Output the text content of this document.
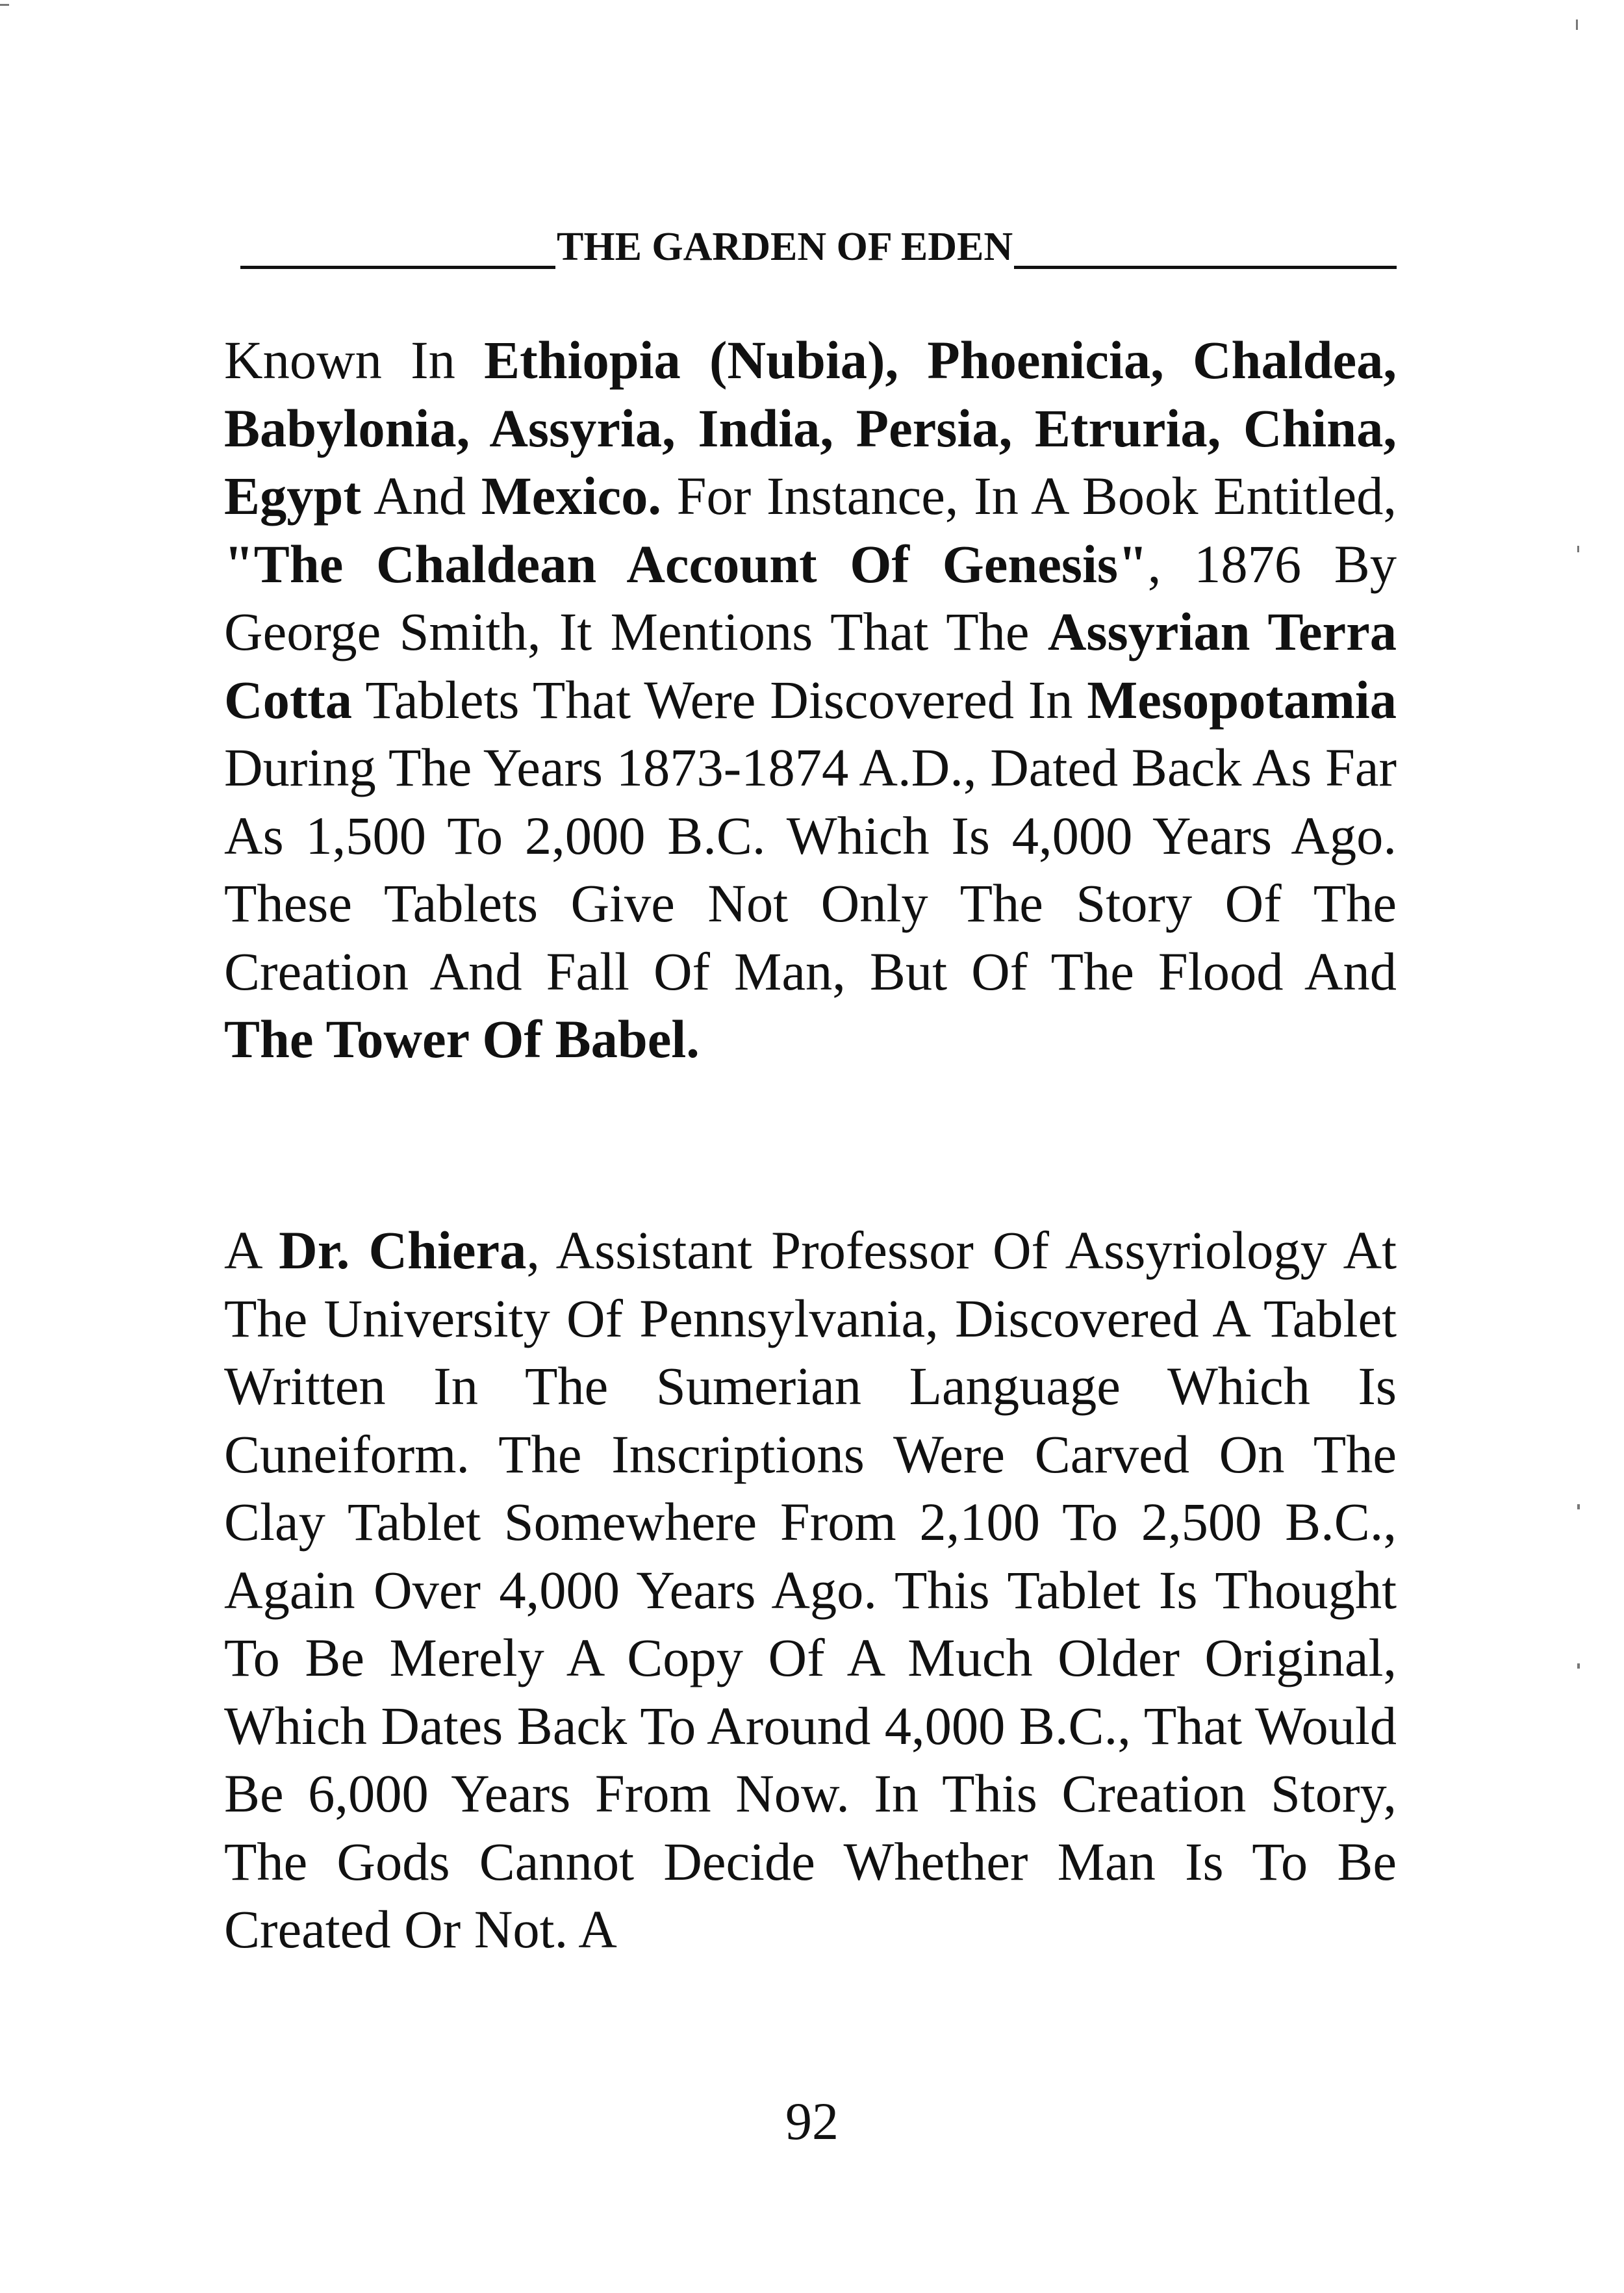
THE GARDEN OF EDEN

Known In Ethiopia (Nubia), Phoenicia, Chaldea, Babylonia, Assyria, India, Persia, Etruria, China, Egypt And Mexico. For Instance, In A Book Entitled, "The Chaldean Account Of Genesis", 1876 By George Smith, It Mentions That The Assyrian Terra Cotta Tablets That Were Discovered In Mesopotamia During The Years 1873-1874 A.D., Dated Back As Far As 1,500 To 2,000 B.C. Which Is 4,000 Years Ago. These Tablets Give Not Only The Story Of The Creation And Fall Of Man, But Of The Flood And The Tower Of Babel.

A Dr. Chiera, Assistant Professor Of Assyriology At The University Of Pennsylvania, Discovered A Tablet Written In The Sumerian Language Which Is Cuneiform. The Inscriptions Were Carved On The Clay Tablet Somewhere From 2,100 To 2,500 B.C., Again Over 4,000 Years Ago. This Tablet Is Thought To Be Merely A Copy Of A Much Older Original, Which Dates Back To Around 4,000 B.C., That Would Be 6,000 Years From Now. In This Creation Story, The Gods Cannot Decide Whether Man Is To Be Created Or Not. A

92
